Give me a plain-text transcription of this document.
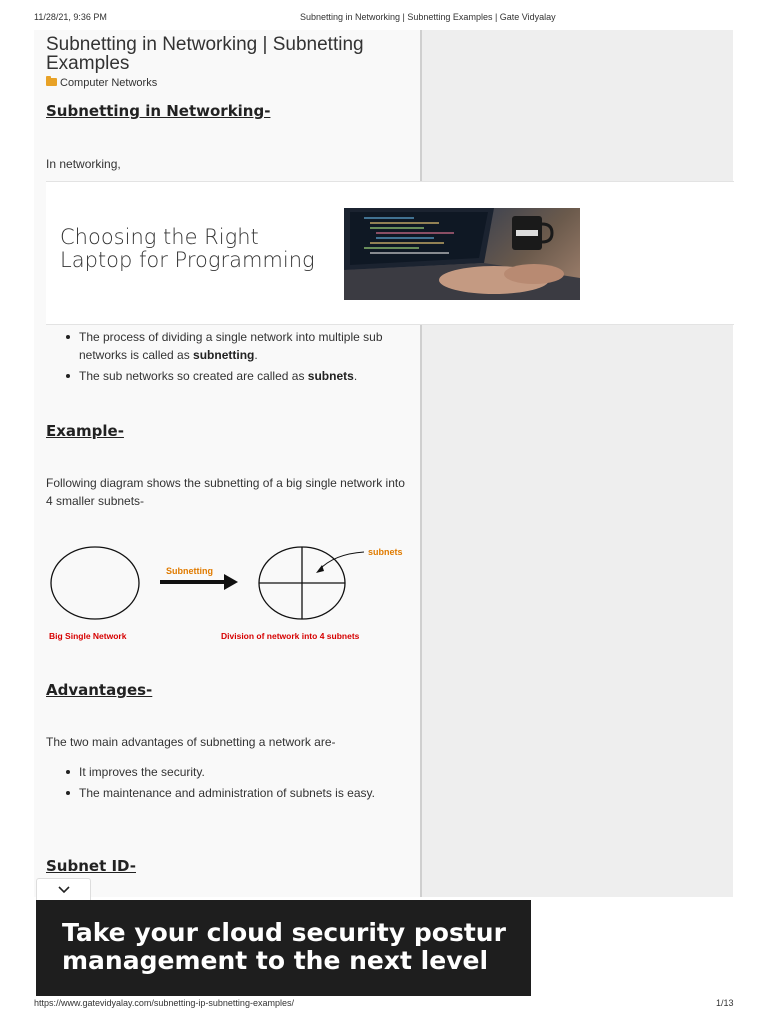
11/28/21, 9:36 PM	Subnetting in Networking | Subnetting Examples | Gate Vidyalay
Subnetting in Networking | Subnetting Examples
Computer Networks
Subnetting in Networking-

In networking,

Choosing the Right
Laptop for Programming
The process of dividing a single network into multiple sub networks is called as subnetting.
The sub networks so created are called as subnets.
Example-

Following diagram shows the subnetting of a big single network into 4 smaller subnets-

Subnetting
subnets
Big Single Network	Division of network into 4 subnets
Advantages-

The two main advantages of subnetting a network are-

It improves the security.
The maintenance and administration of subnets is easy.
Subnet ID-
Take your cloud security postur
management to the next level
https://www.gatevidyalay.com/subnetting-ip-subnetting-examples/	1/13
